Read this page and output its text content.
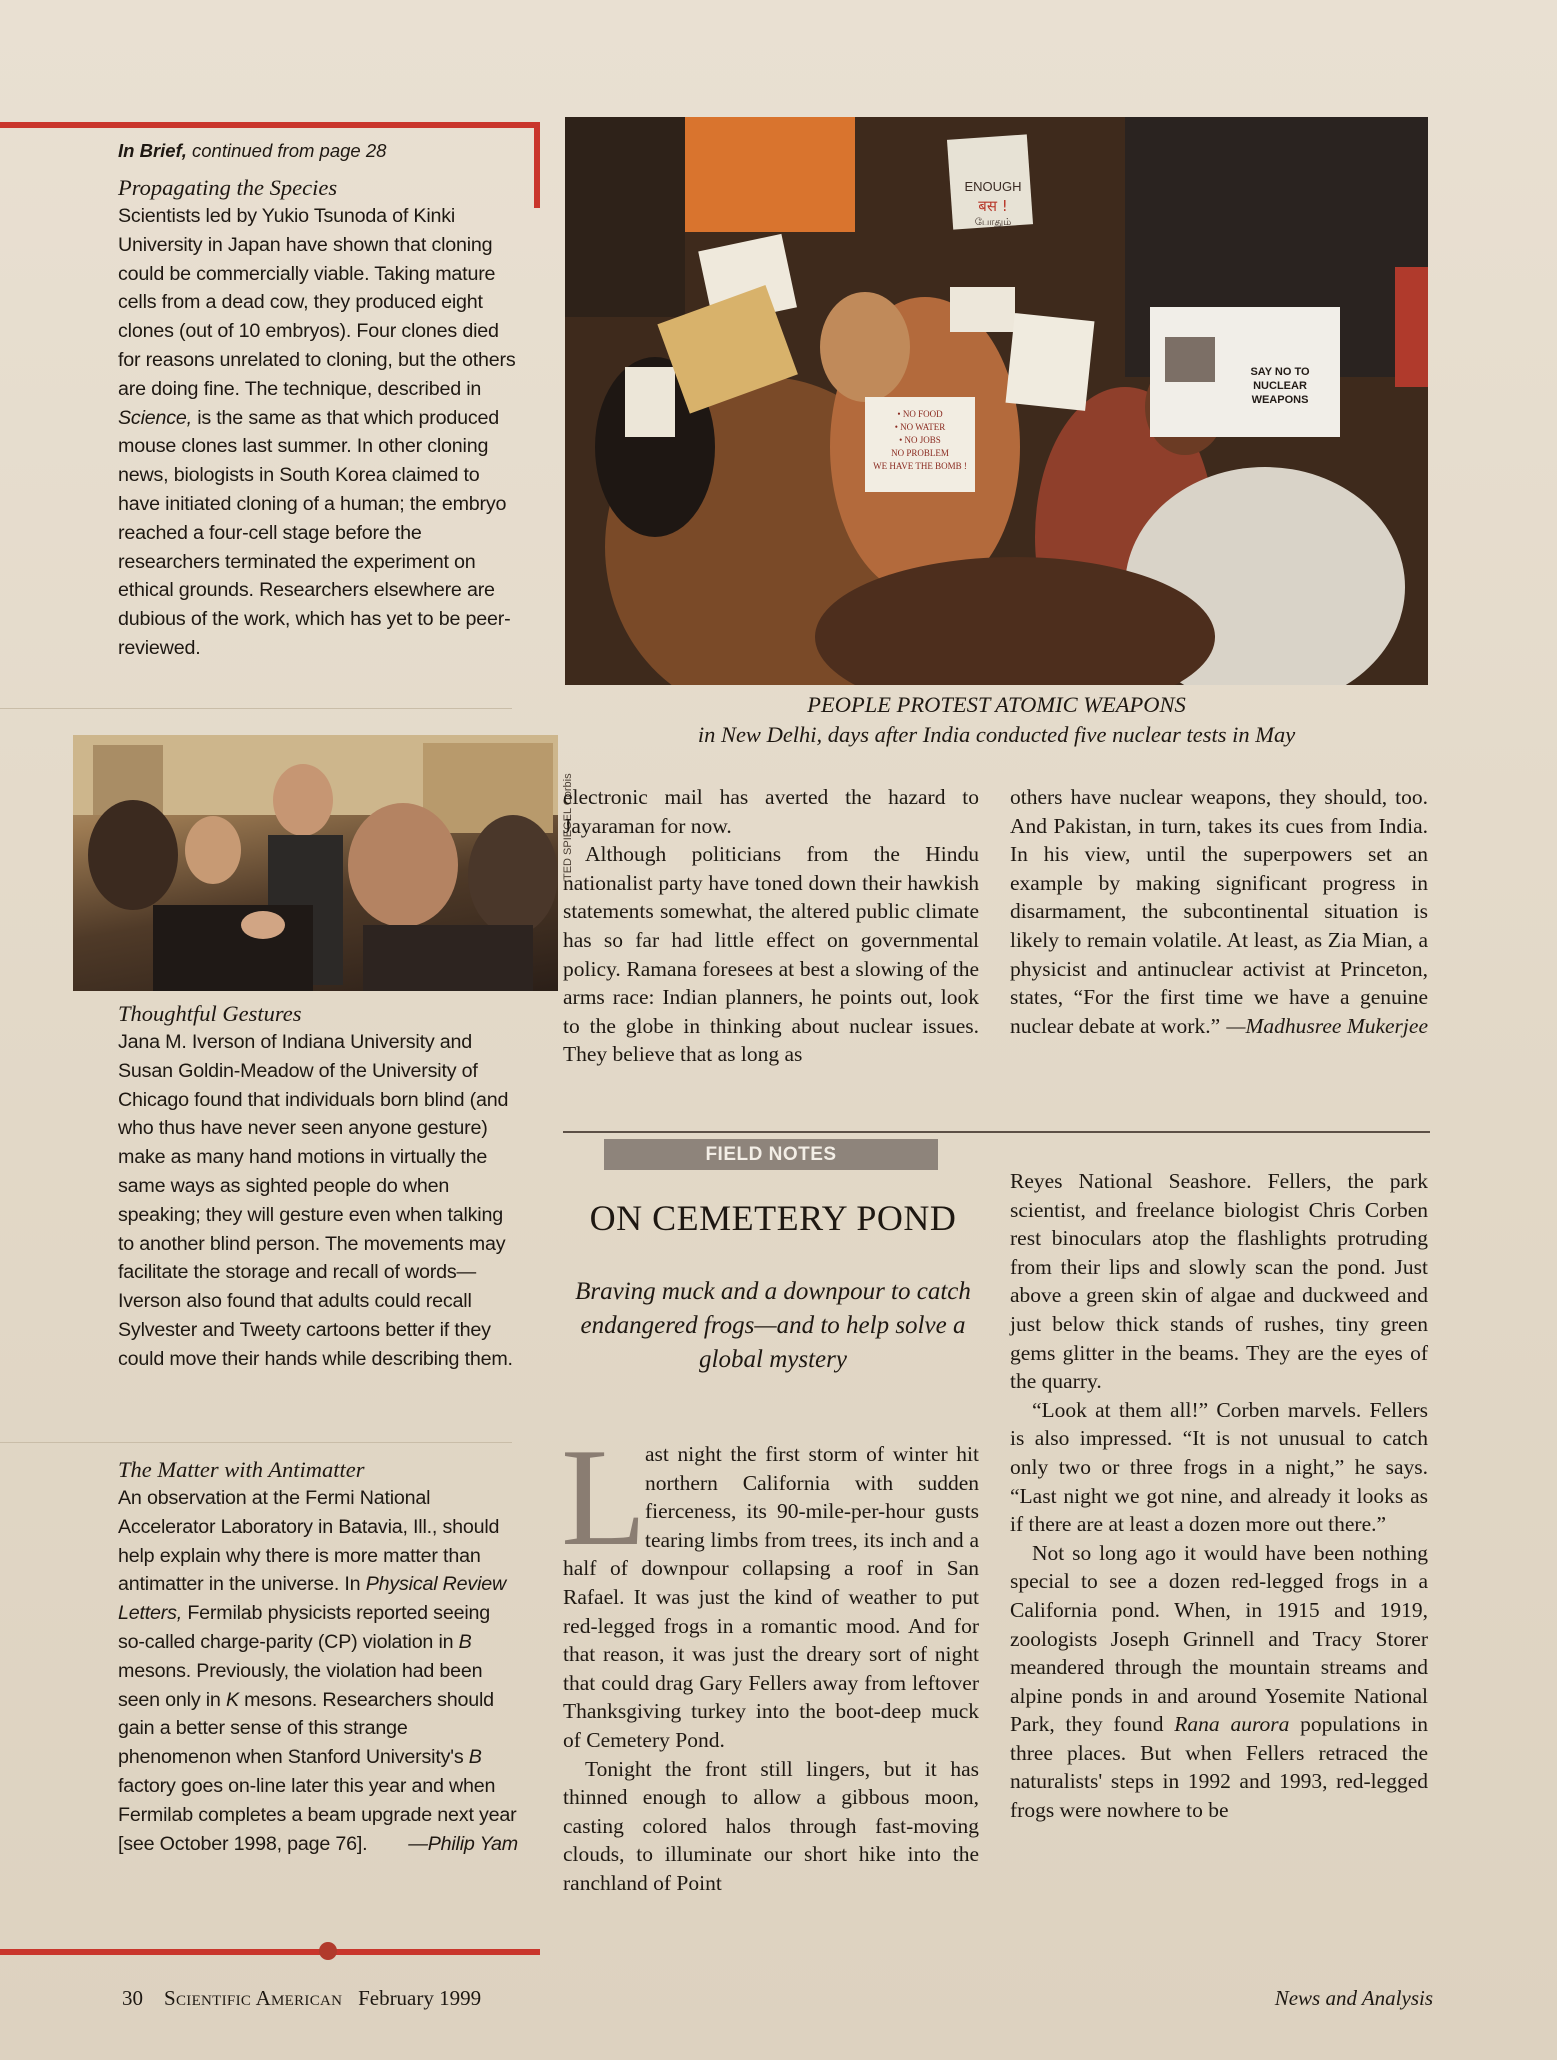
In Brief, continued from page 28

Propagating the Species

Scientists led by Yukio Tsunoda of Kinki University in Japan have shown that cloning could be commercially viable. Taking mature cells from a dead cow, they produced eight clones (out of 10 embryos). Four clones died for reasons unrelated to cloning, but the others are doing fine. The technique, described in Science, is the same as that which produced mouse clones last summer. In other cloning news, biologists in South Korea claimed to have initiated cloning of a human; the embryo reached a four-cell stage before the researchers terminated the experiment on ethical grounds. Researchers elsewhere are dubious of the work, which has yet to be peer-reviewed.

TED SPIEGEL Corbis

Thoughtful Gestures

Jana M. Iverson of Indiana University and Susan Goldin-Meadow of the University of Chicago found that individuals born blind (and who thus have never seen anyone gesture) make as many hand motions in virtually the same ways as sighted people do when speaking; they will gesture even when talking to another blind person. The movements may facilitate the storage and recall of words—Iverson also found that adults could recall Sylvester and Tweety cartoons better if they could move their hands while describing them.

The Matter with Antimatter

An observation at the Fermi National Accelerator Laboratory in Batavia, Ill., should help explain why there is more matter than antimatter in the universe. In Physical Review Letters, Fermilab physicists reported seeing so-called charge-parity (CP) violation in B mesons. Previously, the violation had been seen only in K mesons. Researchers should gain a better sense of this strange phenomenon when Stanford University's B factory goes on-line later this year and when Fermilab completes a beam upgrade next year [see October 1998, page 76]. —Philip Yam

ENOUGH
बस !
போதும்
• NO FOOD • NO WATER • NO JOBS NO PROBLEM WE HAVE THE BOMB !
SAY NO TO NUCLEAR WEAPONS
PEOPLE PROTEST ATOMIC WEAPONS
in New Delhi, days after India conducted five nuclear tests in May

electronic mail has averted the hazard to Jayaraman for now.

Although politicians from the Hindu nationalist party have toned down their hawkish statements somewhat, the altered public climate has so far had little effect on governmental policy. Ramana foresees at best a slowing of the arms race: Indian planners, he points out, look to the globe in thinking about nuclear issues. They believe that as long as

others have nuclear weapons, they should, too. And Pakistan, in turn, takes its cues from India. In his view, until the superpowers set an example by making significant progress in disarmament, the subcontinental situation is likely to remain volatile. At least, as Zia Mian, a physicist and antinuclear activist at Princeton, states, “For the first time we have a genuine nuclear debate at work.” —Madhusree Mukerjee

FIELD NOTES
ON CEMETERY POND
Braving muck and a downpour to catch endangered frogs—and to help solve a global mystery

L
ast night the first storm of winter hit northern California with sudden fierceness, its 90-mile-per-hour gusts tearing limbs from trees, its inch and a half of downpour collapsing a roof in San Rafael. It was just the kind of weather to put red-legged frogs in a romantic mood. And for that reason, it was just the dreary sort of night that could drag Gary Fellers away from leftover Thanksgiving turkey into the boot-deep muck of Cemetery Pond.

Tonight the front still lingers, but it has thinned enough to allow a gibbous moon, casting colored halos through fast-moving clouds, to illuminate our short hike into the ranchland of Point

Reyes National Seashore. Fellers, the park scientist, and freelance biologist Chris Corben rest binoculars atop the flashlights protruding from their lips and slowly scan the pond. Just above a green skin of algae and duckweed and just below thick stands of rushes, tiny green gems glitter in the beams. They are the eyes of the quarry.

“Look at them all!” Corben marvels. Fellers is also impressed. “It is not unusual to catch only two or three frogs in a night,” he says. “Last night we got nine, and already it looks as if there are at least a dozen more out there.”

Not so long ago it would have been nothing special to see a dozen red-legged frogs in a California pond. When, in 1915 and 1919, zoologists Joseph Grinnell and Tracy Storer meandered through the mountain streams and alpine ponds in and around Yosemite National Park, they found Rana aurora populations in three places. But when Fellers retraced the naturalists' steps in 1992 and 1993, red-legged frogs were nowhere to be

30 Scientific American February 1999	News and Analysis
